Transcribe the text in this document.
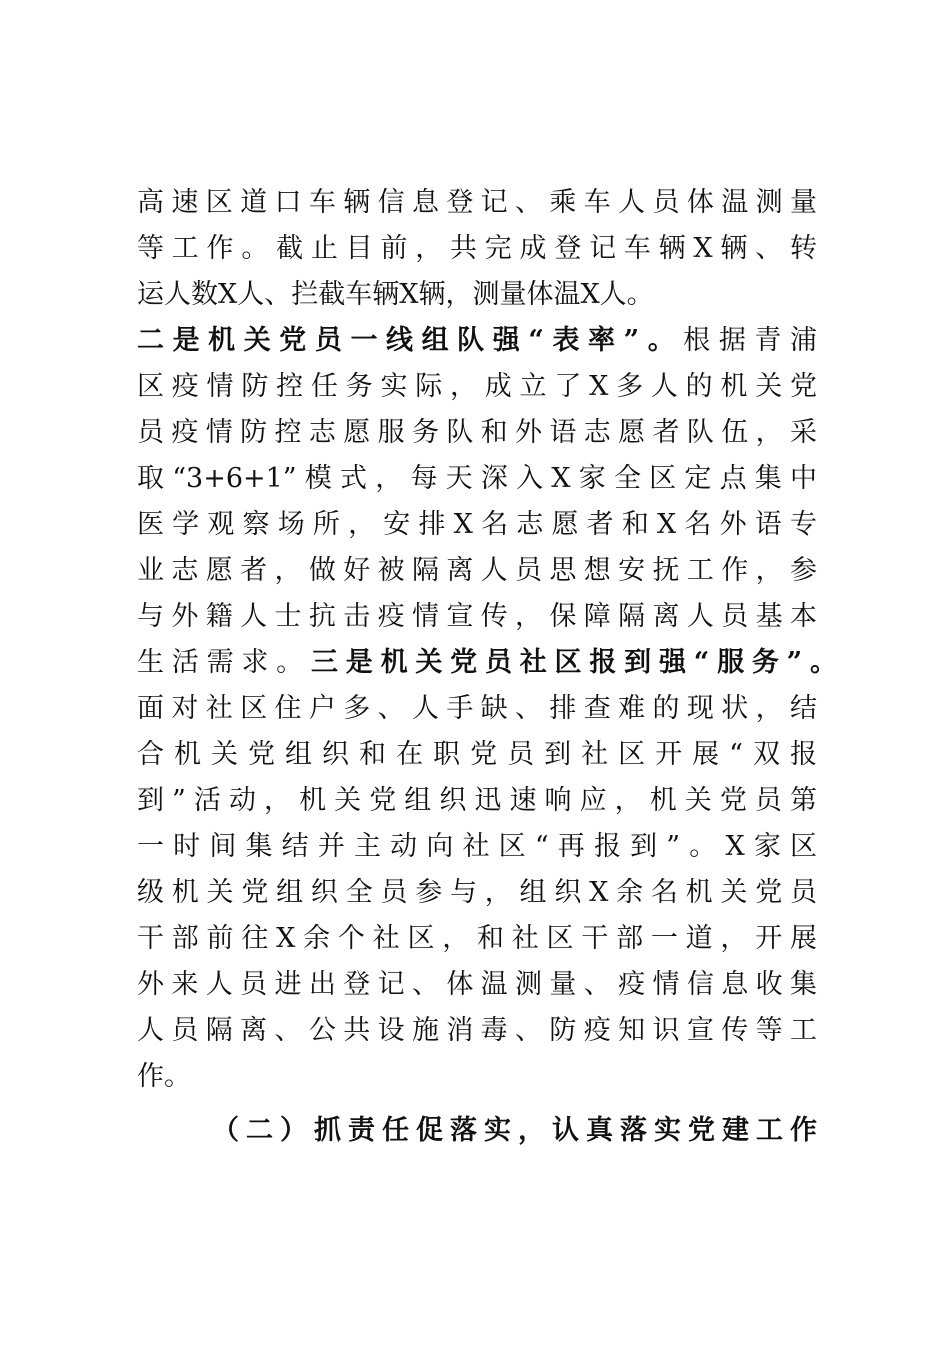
高速区道口车辆信息登记、乘车人员体温测量
等工作。截止目前，共完成登记车辆X辆、转
运人数X人、拦截车辆X辆，测量体温X人。
二是机关党员一线组队强“表率”。根据青浦
区疫情防控任务实际，成立了X多人的机关党
员疫情防控志愿服务队和外语志愿者队伍，采
取“3+6+1”模式，每天深入X家全区定点集中
医学观察场所，安排X名志愿者和X名外语专
业志愿者，做好被隔离人员思想安抚工作，参
与外籍人士抗击疫情宣传，保障隔离人员基本
生活需求。三是机关党员社区报到强“服务”。
面对社区住户多、人手缺、排查难的现状，结
合机关党组织和在职党员到社区开展“双报
到”活动，机关党组织迅速响应，机关党员第
一时间集结并主动向社区“再报到”。X家区
级机关党组织全员参与，组织X余名机关党员
干部前往X余个社区，和社区干部一道，开展
外来人员进出登记、体温测量、疫情信息收集
人员隔离、公共设施消毒、防疫知识宣传等工
作。
（二）抓责任促落实，认真落实党建工作
